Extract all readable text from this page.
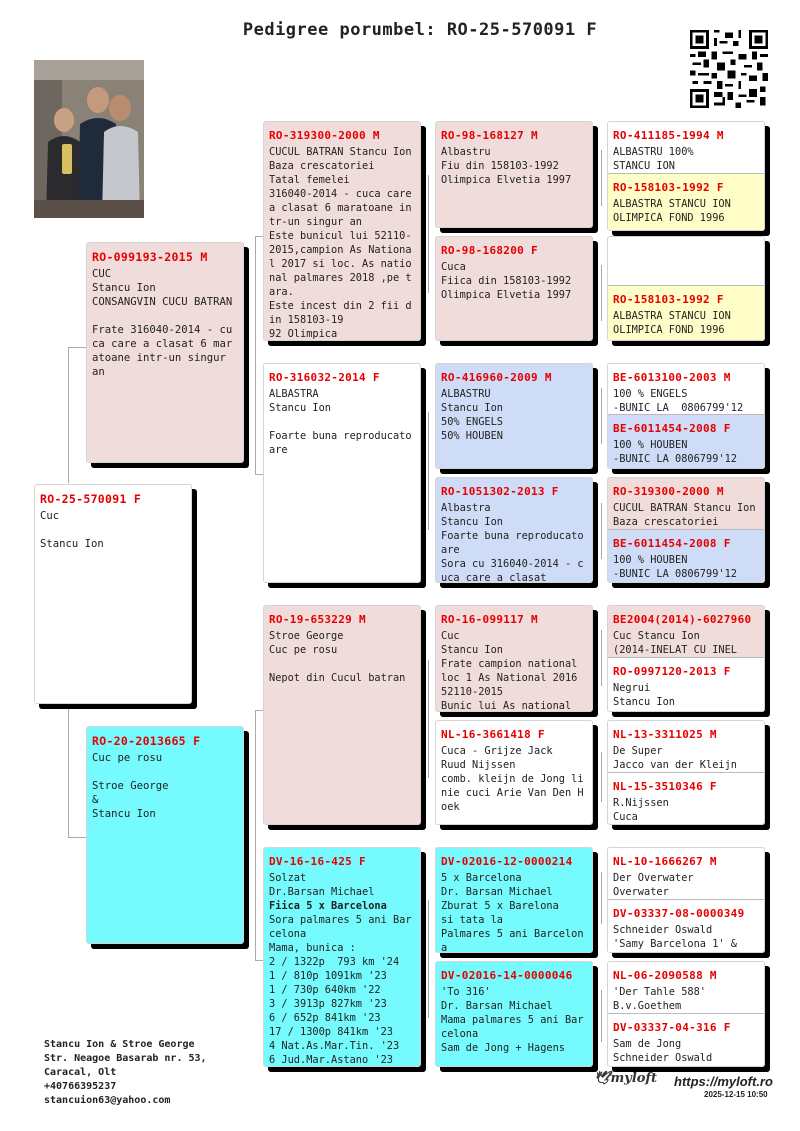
Pedigree porumbel: RO-25-570091 F
RO-25-570091 F
Cuc

Stancu Ion
RO-099193-2015 M
CUC
Stancu Ion
CONSANGVIN CUCU BATRAN

Frate 316040-2014 - cuca care a clasat 6 maratoane intr-un singur an
RO-20-2013665 F
Cuc pe rosu

Stroe George
&
Stancu Ion
RO-319300-2000 M
CUCUL BATRAN Stancu Ion
Baza crescatoriei
Tatal femelei
316040-2014 - cuca care a clasat 6 maratoane intr-un singur an
Este bunicul lui 52110-2015,campion As National 2017 si loc. As national palmares 2018 ,pe tara.
Este incest din 2 fii din 158103-19
92 Olimpica
RO-316032-2014 F
ALBASTRA
Stancu Ion

Foarte buna reproducatoare
RO-19-653229 M
Stroe George
Cuc pe rosu

Nepot din Cucul batran
DV-16-16-425 F
Solzat
Dr.Barsan Michael
Fiica 5 x Barcelona
Sora palmares 5 ani Barcelona
Mama, bunica :
2 / 1322p  793 km '24
1 / 810p 1091km '23
1 / 730p 640km '22
3 / 3913p 827km '23
6 / 652p 841km '23
17 / 1300p 841km '23
4 Nat.As.Mar.Tin. '23
6 Jud.Mar.Astano '23
RO-98-168127 M
Albastru
Fiu din 158103-1992
Olimpica Elvetia 1997
RO-98-168200 F
Cuca
Fiica din 158103-1992
Olimpica Elvetia 1997
RO-416960-2009 M
ALBASTRU
Stancu Ion
50% ENGELS
50% HOUBEN
RO-1051302-2013 F
Albastra
Stancu Ion
Foarte buna reproducatoare
Sora cu 316040-2014 - cuca care a clasat
RO-16-099117 M
Cuc
Stancu Ion
Frate campion national loc 1 As National 2016
52110-2015
Bunic lui As national
NL-16-3661418 F
Cuca - Grijze Jack
Ruud Nijssen
comb. kleijn de Jong linie cuci Arie Van Den Hoek
DV-02016-12-0000214
5 x Barcelona
Dr. Barsan Michael
Zburat 5 x Barelona
si tata la
Palmares 5 ani Barcelona
DV-02016-14-0000046
'To 316'
Dr. Barsan Michael
Mama palmares 5 ani Barcelona
Sam de Jong + Hagens
RO-411185-1994 M
ALBASTRU 100%
STANCU ION
RO-158103-1992 F
ALBASTRA STANCU ION
OLIMPICA FOND 1996
RO-158103-1992 F
ALBASTRA STANCU ION
OLIMPICA FOND 1996
BE-6013100-2003 M
100 % ENGELS
-BUNIC LA  0806799'12
BE-6011454-2008 F
100 % HOUBEN
-BUNIC LA 0806799'12
RO-319300-2000 M
CUCUL BATRAN Stancu Ion
Baza crescatoriei
BE-6011454-2008 F
100 % HOUBEN
-BUNIC LA 0806799'12
BE2004(2014)-6027960
Cuc Stancu Ion
(2014-INELAT CU INEL
RO-0997120-2013 F
Negrui
Stancu Ion
NL-13-3311025 M
De Super
Jacco van der Kleijn
NL-15-3510346 F
R.Nijssen
Cuca
NL-10-1666267 M
Der Overwater
Overwater
DV-03337-08-0000349
Schneider Oswald
'Samy Barcelona 1' &
NL-06-2090588 M
'Der Tahle 588'
B.v.Goethem
DV-03337-04-316 F
Sam de Jong
Schneider Oswald
Stancu Ion & Stroe George
Str. Neagoe Basarab nr. 53,
Caracal, Olt
+40766395237
stancuion63@yahoo.com
🕊myloft https://myloft.ro
2025-12-15 10:50
